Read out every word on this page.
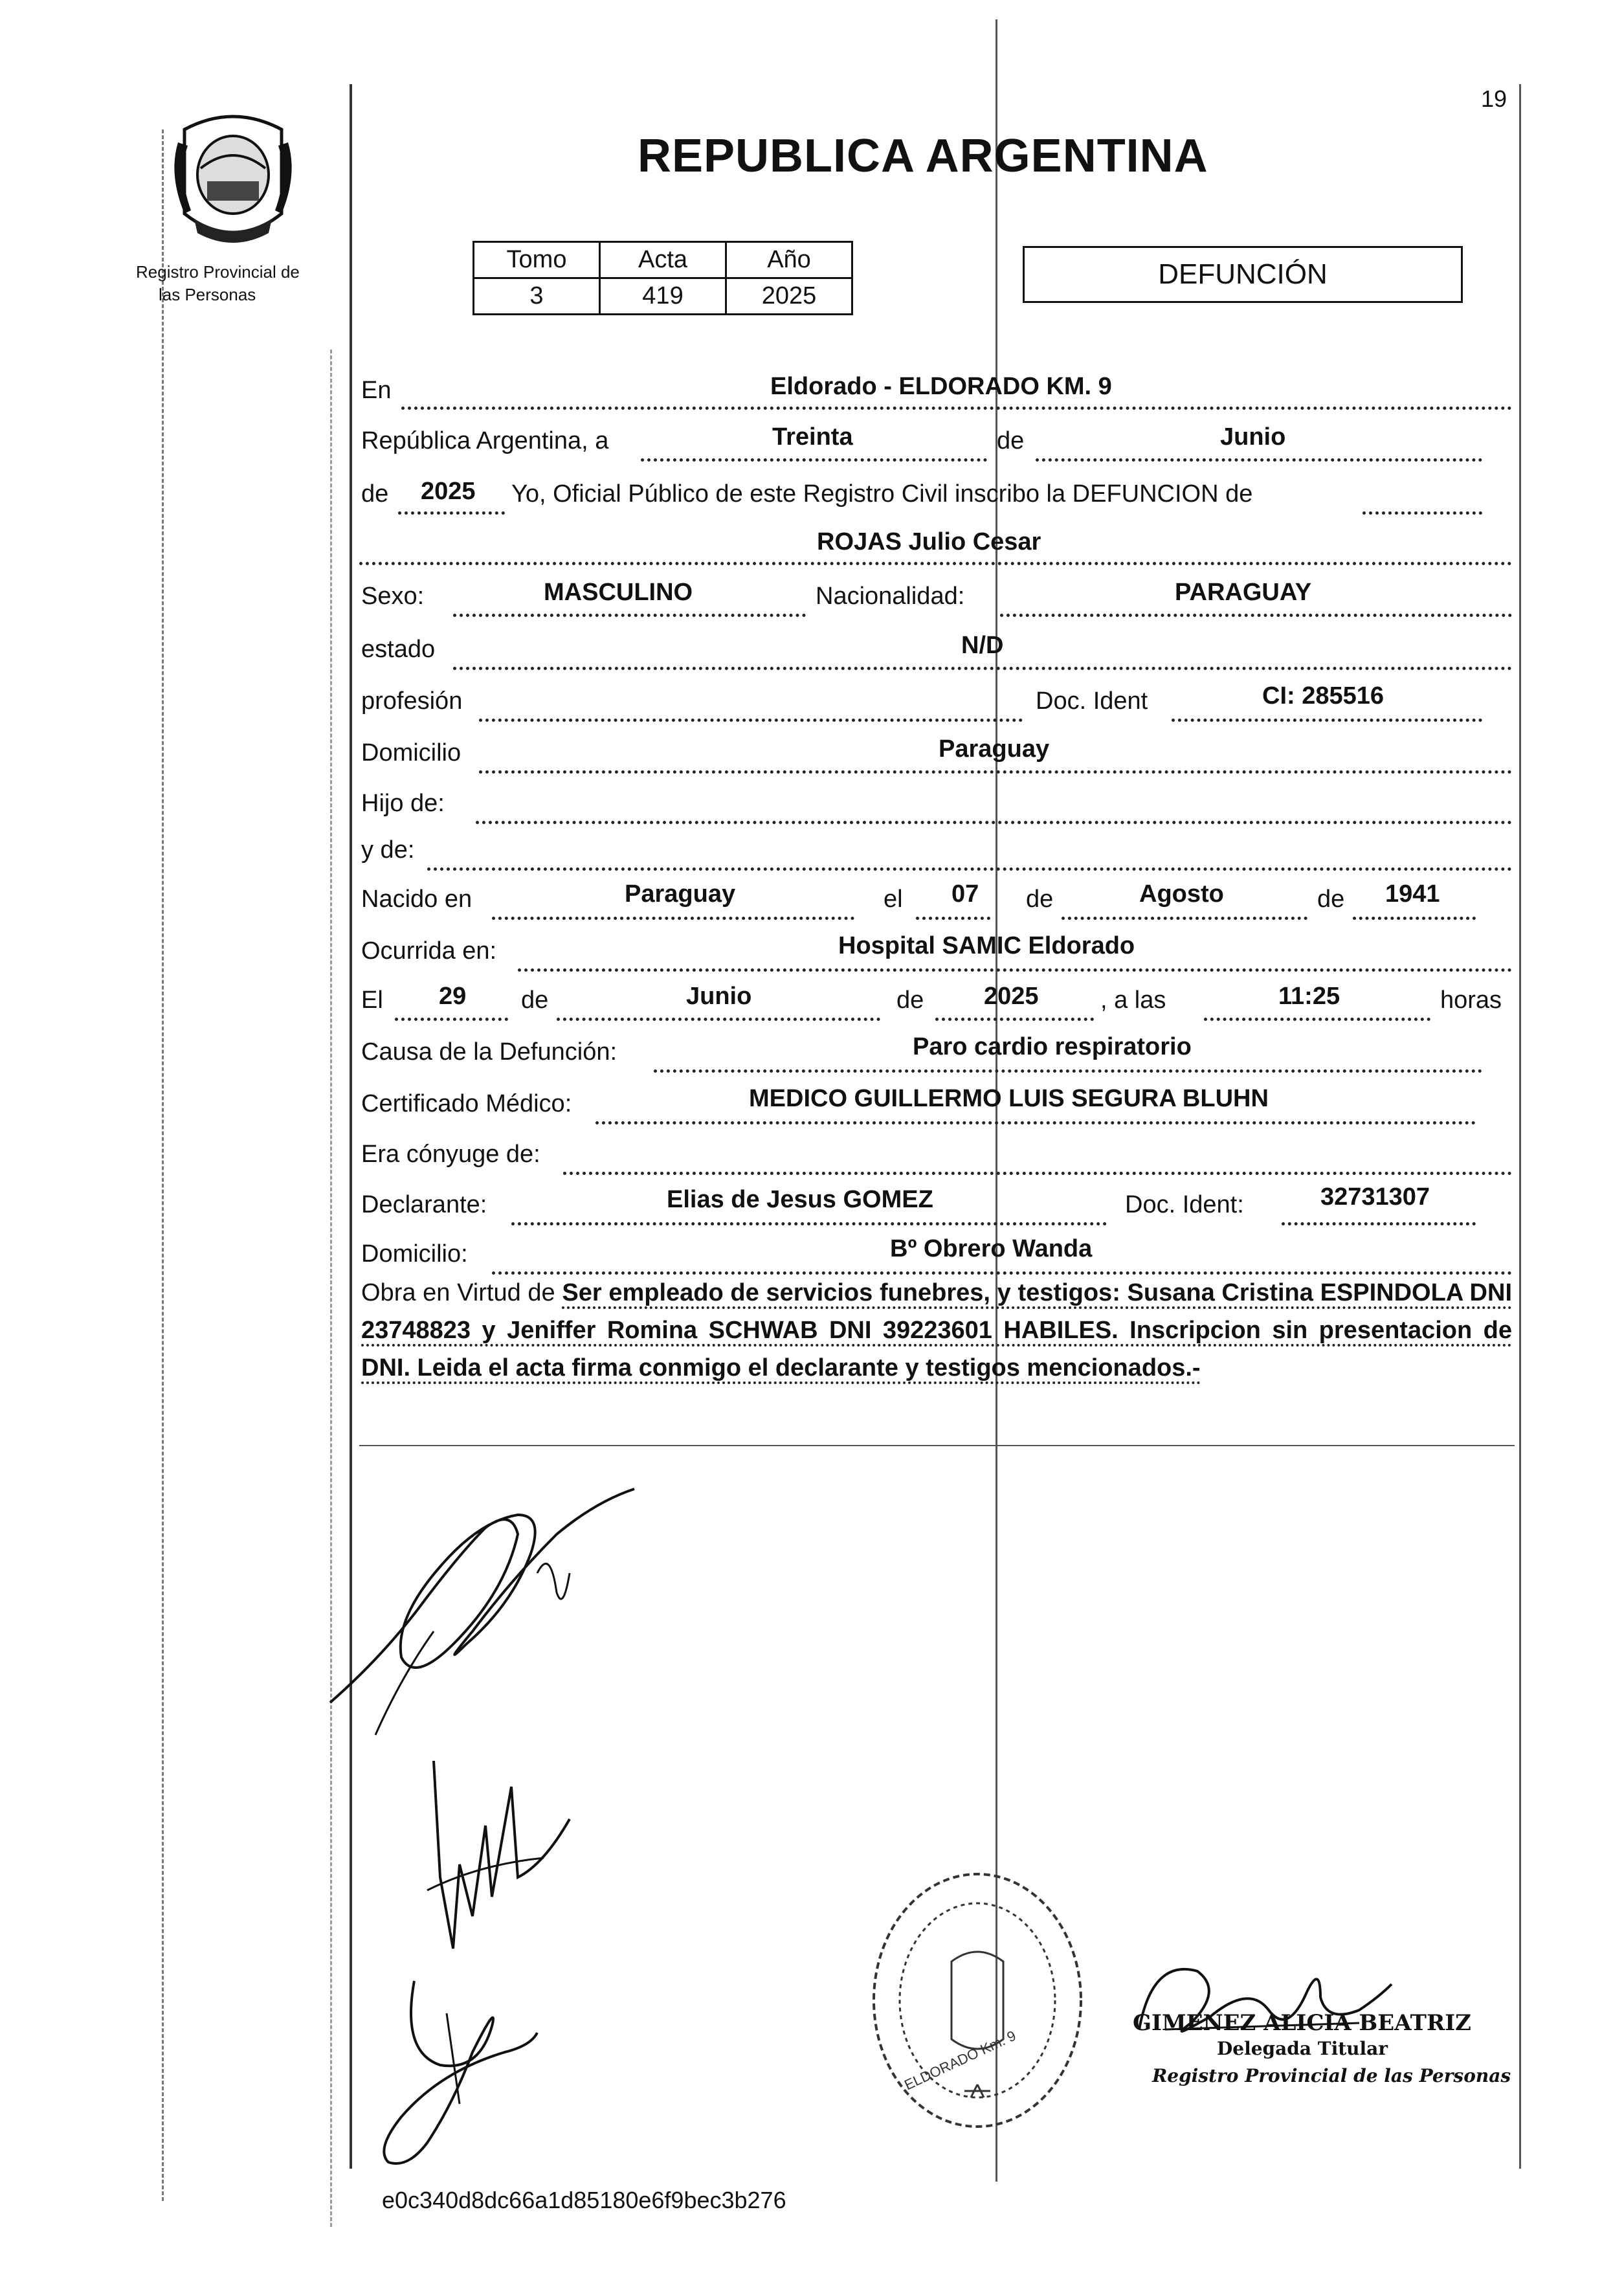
19
Registro Provincial de
las Personas
REPUBLICA ARGENTINA
Tomo	Acta	Año
3	419	2025
DEFUNCIÓN
En	Eldorado - ELDORADO KM. 9
República Argentina, a	Treinta	de	Junio
de 2025 Yo, Oficial Público de este Registro Civil inscribo la DEFUNCION de
ROJAS Julio Cesar
Sexo:	MASCULINO	Nacionalidad:	PARAGUAY
estado	N/D
profesión	Doc. Ident	CI: 285516
Domicilio	Paraguay
Hijo de:
y de:
Nacido en	Paraguay	el 07 de	Agosto	de 1941
Ocurrida en:	Hospital SAMIC Eldorado
El 29 de	Junio	de 2025	, a las	11:25	horas
Causa de la Defunción:	Paro cardio respiratorio
Certificado Médico:	MEDICO GUILLERMO LUIS SEGURA BLUHN
Era cónyuge de:
Declarante:	Elias de Jesus GOMEZ	Doc. Ident:	32731307
Domicilio:	Bº Obrero Wanda
Obra en Virtud de Ser empleado de servicios funebres, y testigos: Susana Cristina ESPINDOLA DNI 23748823 y Jeniffer Romina SCHWAB DNI 39223601 HABILES. Inscripcion sin presentacion de DNI. Leida el acta firma conmigo el declarante y testigos mencionados.-
ELDORADO Km. 9
GIMENEZ ALICIA BEATRIZ
Delegada Titular
Registro Provincial de las Personas
e0c340d8dc66a1d85180e6f9bec3b276
